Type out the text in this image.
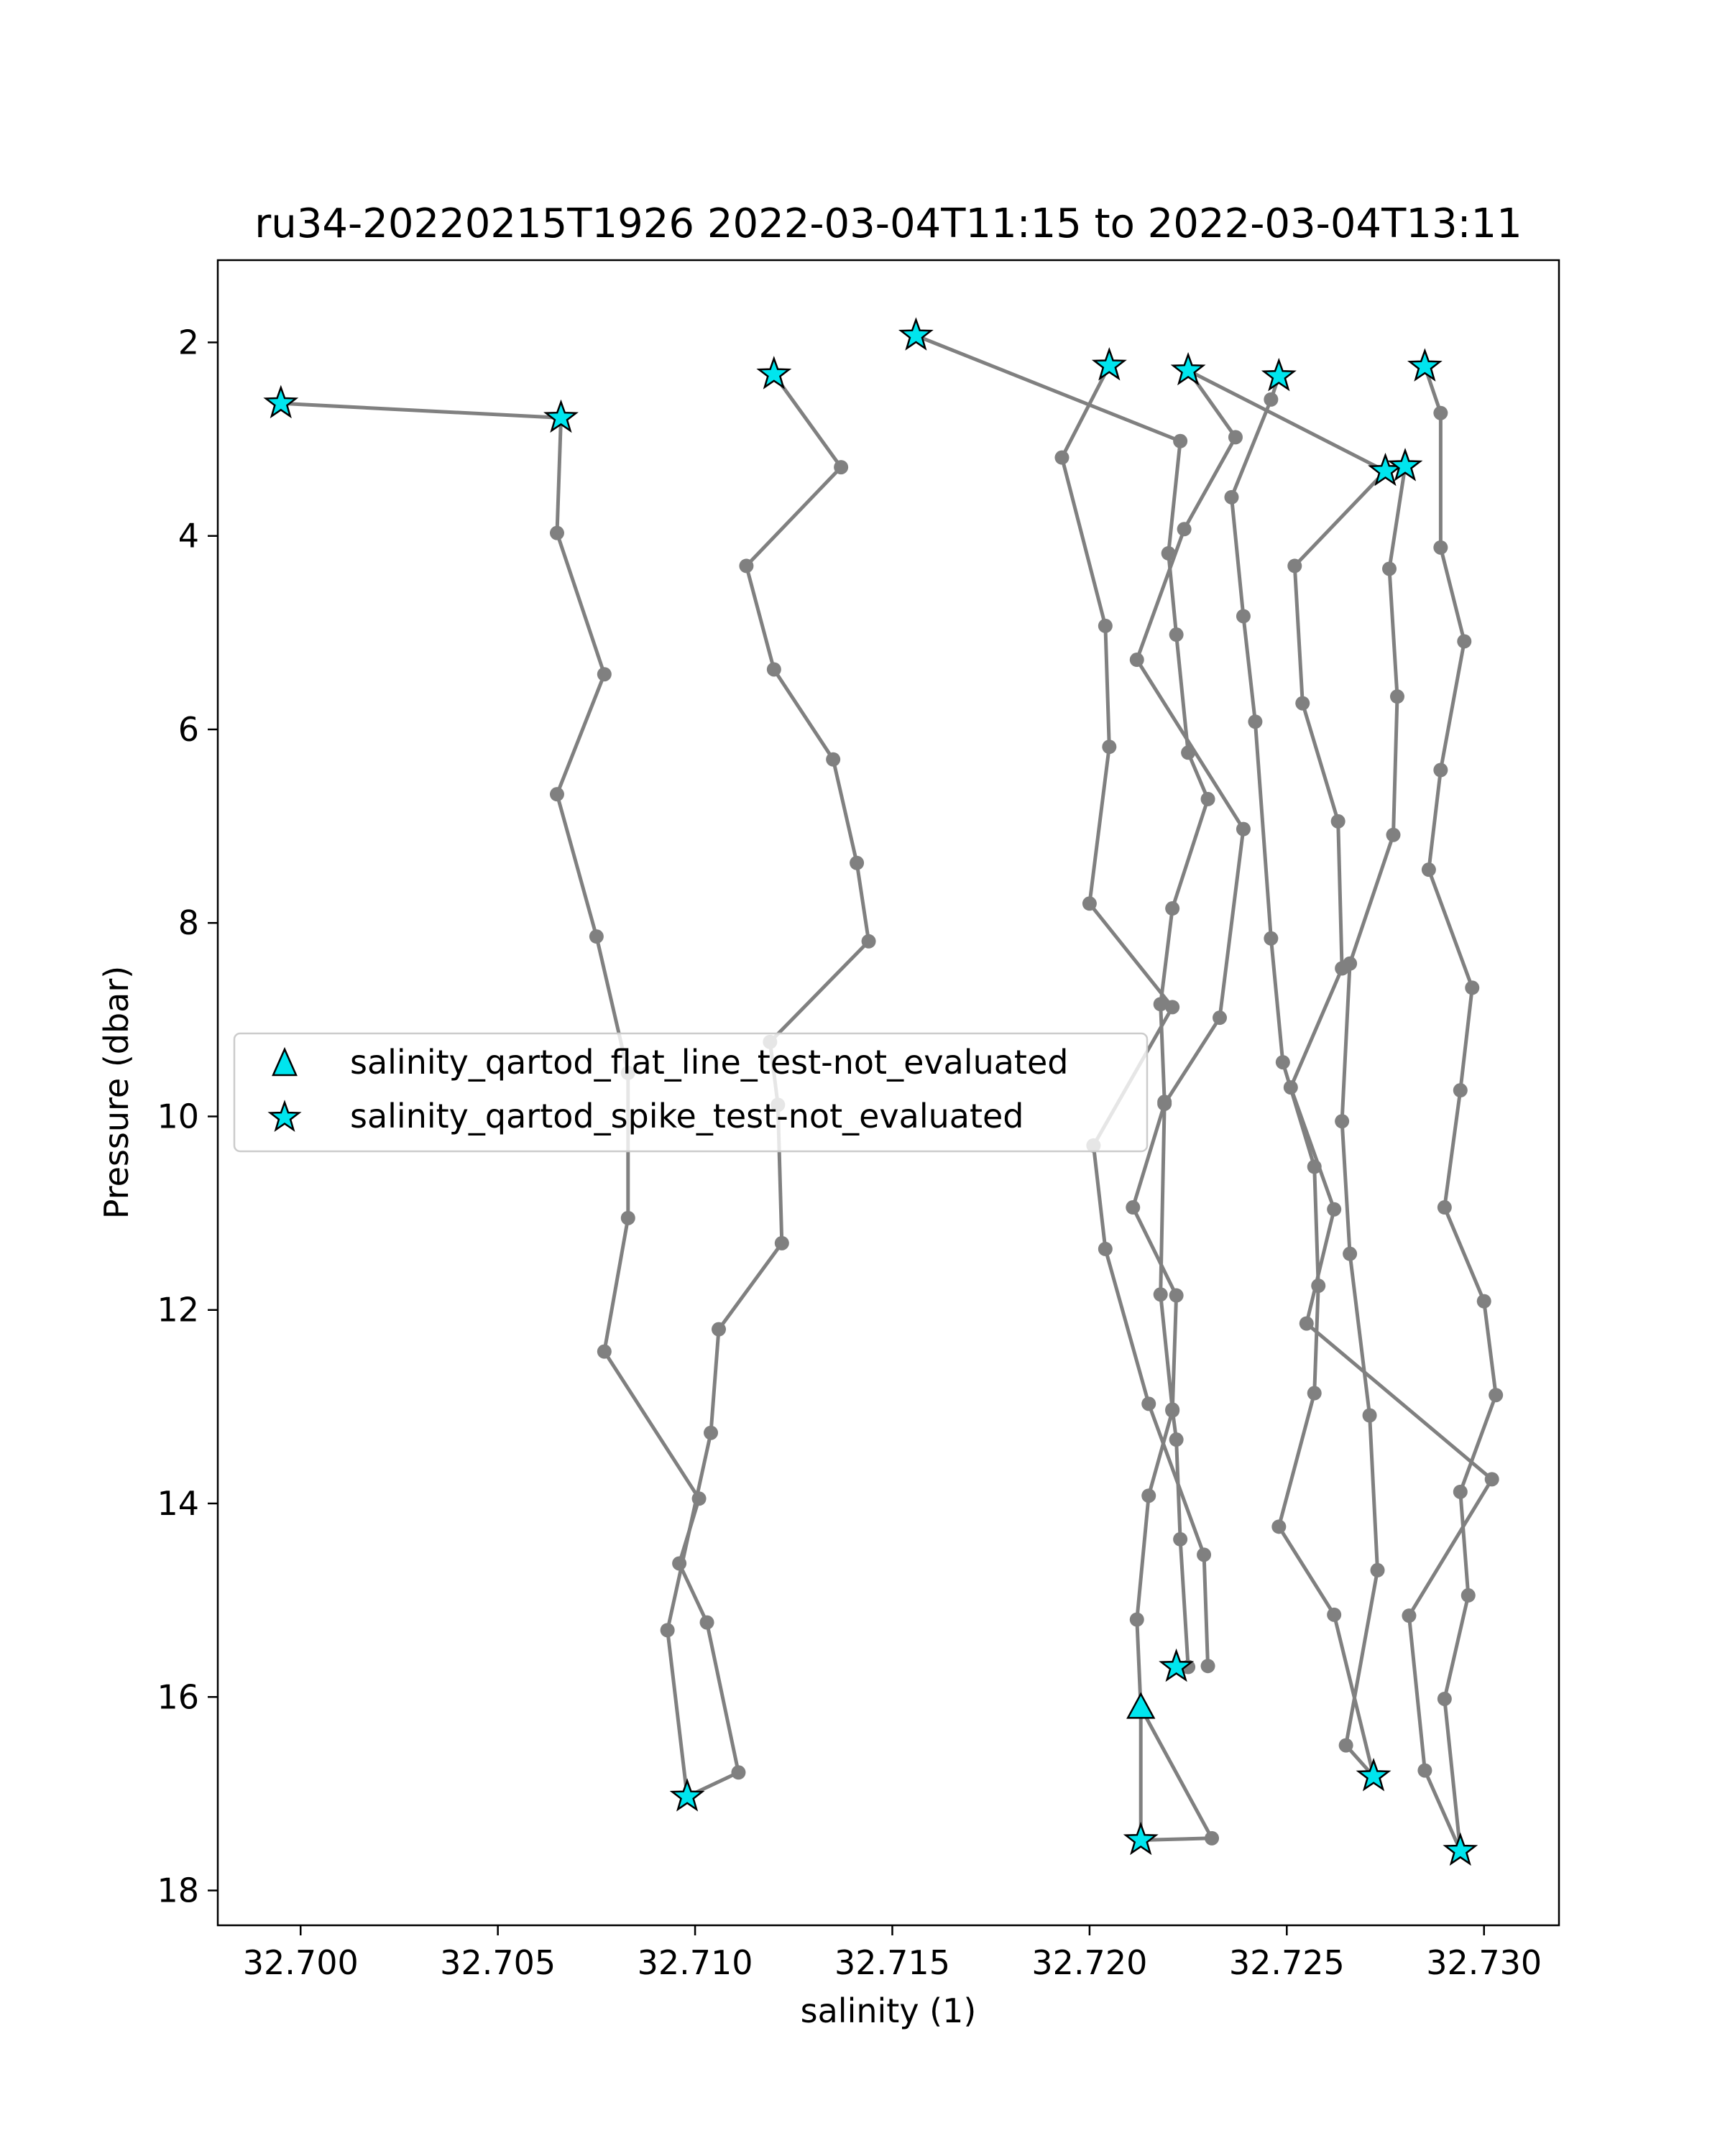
ru34-20220215T1926 2022-03-04T11:15 to 2022-03-04T13:11
32.700 32.705 32.710 32.715 32.720 32.725 32.730
2
4
6
8
10
12
14
16
18
salinity (1)
Pressure (dbar)	salinity_qartod_flat_line_test-not_evaluated
salinity_qartod_spike_test-not_evaluated
